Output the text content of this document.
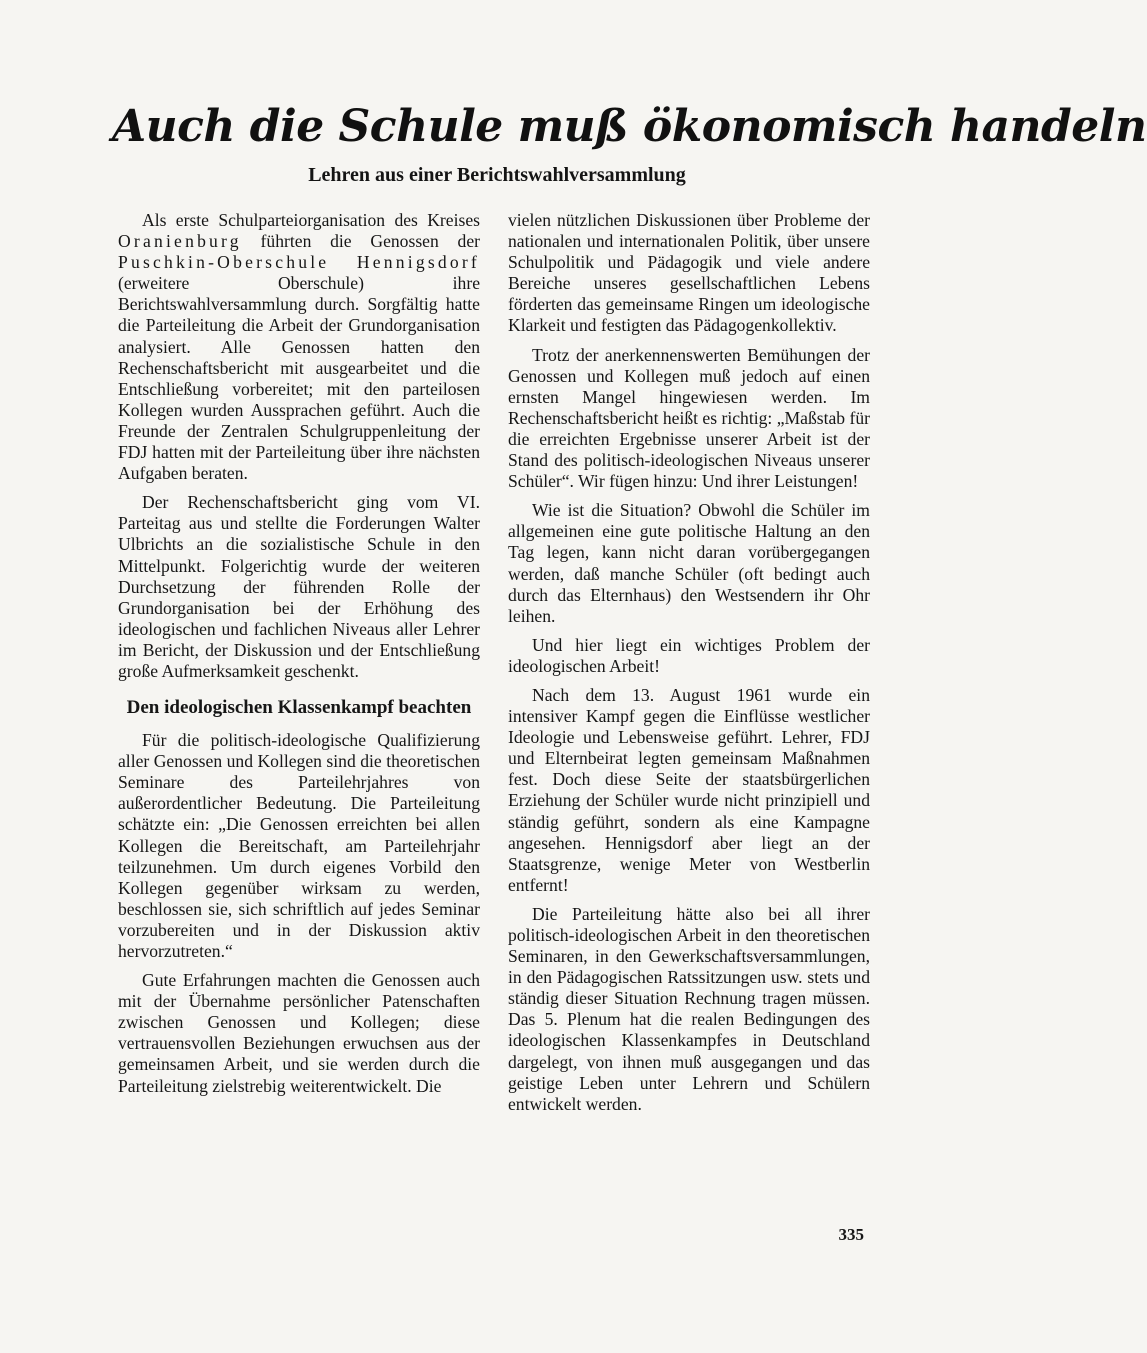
Auch die Schule muß ökonomisch handeln
Lehren aus einer Berichtswahlversammlung

Als erste Schulparteiorganisation des Kreises Oranienburg führten die Genossen der Puschkin-Oberschule Hennigsdorf (erweitere Oberschule) ihre Berichtswahlversammlung durch. Sorgfältig hatte die Parteileitung die Arbeit der Grundorganisation analysiert. Alle Genossen hatten den Rechenschaftsbericht mit ausgearbeitet und die Entschließung vorbereitet; mit den parteilosen Kollegen wurden Aussprachen geführt. Auch die Freunde der Zentralen Schulgruppenleitung der FDJ hatten mit der Parteileitung über ihre nächsten Aufgaben beraten.

Der Rechenschaftsbericht ging vom VI. Parteitag aus und stellte die Forderungen Walter Ulbrichts an die sozialistische Schule in den Mittelpunkt. Folgerichtig wurde der weiteren Durchsetzung der führenden Rolle der Grundorganisation bei der Erhöhung des ideologischen und fachlichen Niveaus aller Lehrer im Bericht, der Diskussion und der Entschließung große Aufmerksamkeit geschenkt.

Den ideologischen Klassenkampf beachten

Für die politisch-ideologische Qualifizierung aller Genossen und Kollegen sind die theoretischen Seminare des Parteilehrjahres von außerordentlicher Bedeutung. Die Parteileitung schätzte ein: „Die Genossen erreichten bei allen Kollegen die Bereitschaft, am Parteilehrjahr teilzunehmen. Um durch eigenes Vorbild den Kollegen gegenüber wirksam zu werden, beschlossen sie, sich schriftlich auf jedes Seminar vorzubereiten und in der Diskussion aktiv hervorzutreten.“

Gute Erfahrungen machten die Genossen auch mit der Übernahme persönlicher Patenschaften zwischen Genossen und Kollegen; diese vertrauensvollen Beziehungen erwuchsen aus der gemeinsamen Arbeit, und sie werden durch die Parteileitung zielstrebig weiterentwickelt. Die

vielen nützlichen Diskussionen über Probleme der nationalen und internationalen Politik, über unsere Schulpolitik und Pädagogik und viele andere Bereiche unseres gesellschaftlichen Lebens förderten das gemeinsame Ringen um ideologische Klarkeit und festigten das Pädagogenkollektiv.

Trotz der anerkennenswerten Bemühungen der Genossen und Kollegen muß jedoch auf einen ernsten Mangel hingewiesen werden. Im Rechenschaftsbericht heißt es richtig: „Maßstab für die erreichten Ergebnisse unserer Arbeit ist der Stand des politisch-ideologischen Niveaus unserer Schüler“. Wir fügen hinzu: Und ihrer Leistungen!

Wie ist die Situation? Obwohl die Schüler im allgemeinen eine gute politische Haltung an den Tag legen, kann nicht daran vorübergegangen werden, daß manche Schüler (oft bedingt auch durch das Elternhaus) den Westsendern ihr Ohr leihen.

Und hier liegt ein wichtiges Problem der ideologischen Arbeit!

Nach dem 13. August 1961 wurde ein intensiver Kampf gegen die Einflüsse westlicher Ideologie und Lebensweise geführt. Lehrer, FDJ und Elternbeirat legten gemeinsam Maßnahmen fest. Doch diese Seite der staatsbürgerlichen Erziehung der Schüler wurde nicht prinzipiell und ständig geführt, sondern als eine Kampagne angesehen. Hennigsdorf aber liegt an der Staatsgrenze, wenige Meter von Westberlin entfernt!

Die Parteileitung hätte also bei all ihrer politisch-ideologischen Arbeit in den theoretischen Seminaren, in den Gewerkschaftsversammlungen, in den Pädagogischen Ratssitzungen usw. stets und ständig dieser Situation Rechnung tragen müssen. Das 5. Plenum hat die realen Bedingungen des ideologischen Klassenkampfes in Deutschland dargelegt, von ihnen muß ausgegangen und das geistige Leben unter Lehrern und Schülern entwickelt werden.

335
